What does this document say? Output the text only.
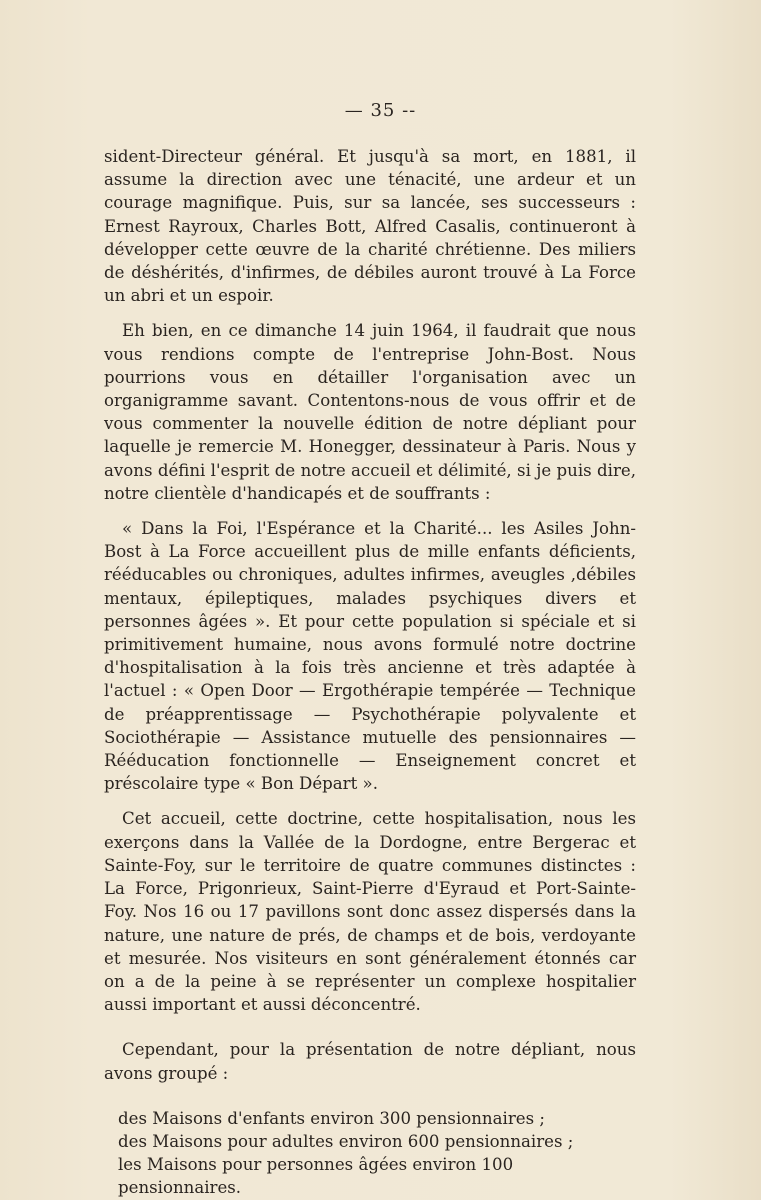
— 35 --

sident-Directeur général. Et jusqu'à sa mort, en 1881, il assume la direction avec une ténacité, une ardeur et un courage magnifique. Puis, sur sa lancée, ses successeurs : Ernest Rayroux, Charles Bott, Alfred Casalis, continueront à développer cette œuvre de la charité chrétienne. Des miliers de déshérités, d'infirmes, de débiles auront trouvé à La Force un abri et un espoir.

Eh bien, en ce dimanche 14 juin 1964, il faudrait que nous vous rendions compte de l'entreprise John-Bost. Nous pourrions vous en détailler l'organisation avec un organigramme savant. Contentons-nous de vous offrir et de vous commenter la nouvelle édition de notre dépliant pour laquelle je remercie M. Honegger, dessinateur à Paris. Nous y avons défini l'esprit de notre accueil et délimité, si je puis dire, notre clientèle d'handicapés et de souffrants :

« Dans la Foi, l'Espérance et la Charité... les Asiles John-Bost à La Force accueillent plus de mille enfants déficients, rééducables ou chroniques, adultes infirmes, aveugles ,débiles mentaux, épileptiques, malades psychiques divers et personnes âgées ». Et pour cette population si spéciale et si primitivement humaine, nous avons formulé notre doctrine d'hospitalisation à la fois très ancienne et très adaptée à l'actuel : « Open Door — Ergothérapie tempérée — Technique de préapprentissage — Psychothérapie polyvalente et Sociothérapie — Assistance mutuelle des pensionnaires — Rééducation fonctionnelle — Enseignement concret et préscolaire type « Bon Départ ».

Cet accueil, cette doctrine, cette hospitalisation, nous les exerçons dans la Vallée de la Dordogne, entre Bergerac et Sainte-Foy, sur le territoire de quatre communes distinctes : La Force, Prigonrieux, Saint-Pierre d'Eyraud et Port-Sainte-Foy. Nos 16 ou 17 pavillons sont donc assez dispersés dans la nature, une nature de prés, de champs et de bois, verdoyante et mesurée. Nos visiteurs en sont généralement étonnés car on a de la peine à se représenter un complexe hospitalier aussi important et aussi déconcentré.

Cependant, pour la présentation de notre dépliant, nous avons groupé :

des Maisons d'enfants environ 300 pensionnaires ;
des Maisons pour adultes environ 600 pensionnaires ;
les Maisons pour personnes âgées environ 100 pensionnaires.
